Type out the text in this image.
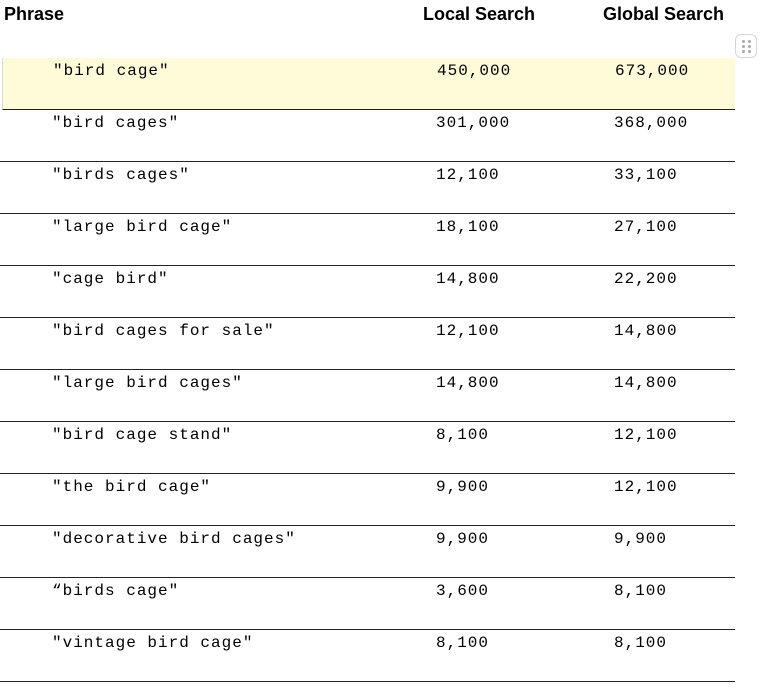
Phrase	Local Search	Global Search
"bird cage"	450,000	673,000
"bird cages"	301,000	368,000
"birds cages"	12,100	33,100
"large bird cage"	18,100	27,100
"cage bird"	14,800	22,200
"bird cages for sale"	12,100	14,800
"large bird cages"	14,800	14,800
"bird cage stand"	8,100	12,100
"the bird cage"	9,900	12,100
"decorative bird cages"	9,900	9,900
“birds cage"	3,600	8,100
"vintage bird cage"	8,100	8,100
